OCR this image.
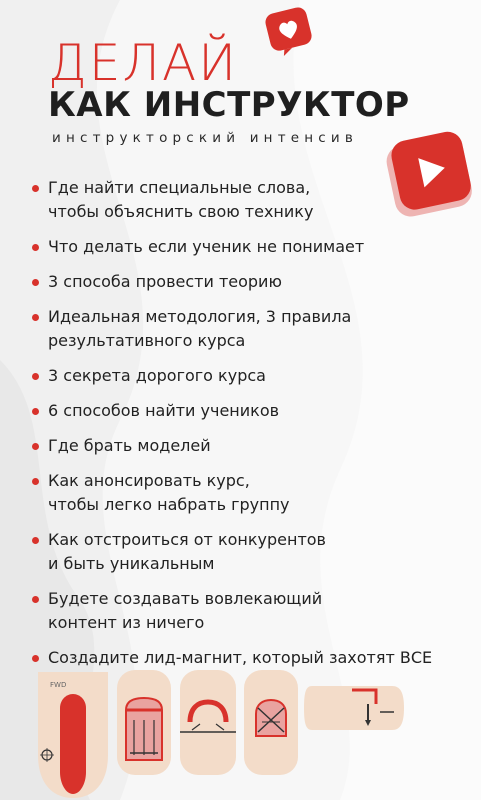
ДЕЛАЙ
КАК ИНСТРУКТОР

инструкторский интенсив

Где найти специальные слова,
чтобы объяснить свою технику
Что делать если ученик не понимает
3 способа провести теорию
Идеальная методология, 3 правила
результативного курса
3 секрета дорогого курса
6 способов найти учеников
Где брать моделей
Как анонсировать курс,
чтобы легко набрать группу
Как отстроиться от конкурентов
и быть уникальным
Будете создавать вовлекающий
контент из ничего
Создадите лид-магнит, который захотят ВСЕ
FWD
